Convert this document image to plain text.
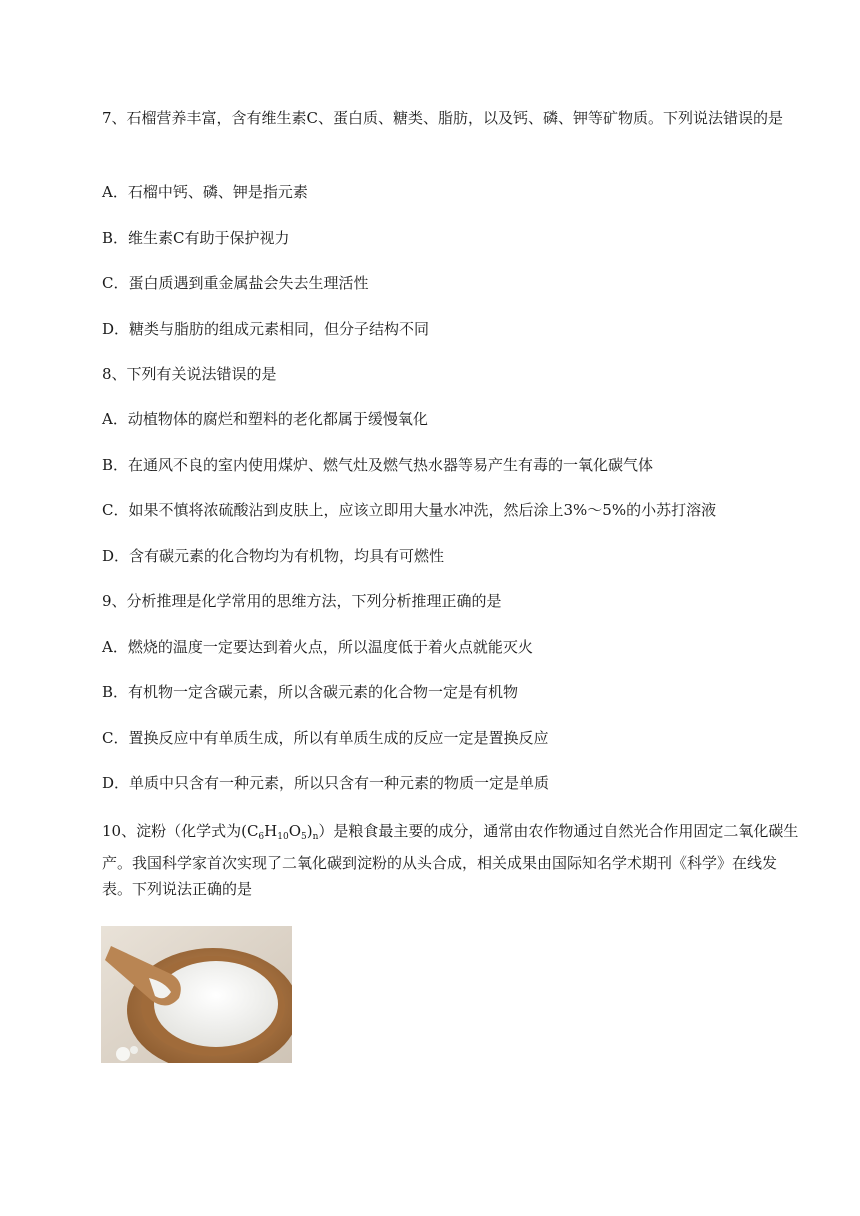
7、石榴营养丰富，含有维生素C、蛋白质、糖类、脂肪，以及钙、磷、钾等矿物质。下列说法错误的是
A．石榴中钙、磷、钾是指元素
B．维生素C有助于保护视力
C．蛋白质遇到重金属盐会失去生理活性
D．糖类与脂肪的组成元素相同，但分子结构不同
8、下列有关说法错误的是
A．动植物体的腐烂和塑料的老化都属于缓慢氧化
B．在通风不良的室内使用煤炉、燃气灶及燃气热水器等易产生有毒的一氧化碳气体
C．如果不慎将浓硫酸沾到皮肤上，应该立即用大量水冲洗，然后涂上3%～5%的小苏打溶液
D．含有碳元素的化合物均为有机物，均具有可燃性
9、分析推理是化学常用的思维方法，下列分析推理正确的是
A．燃烧的温度一定要达到着火点，所以温度低于着火点就能灭火
B．有机物一定含碳元素，所以含碳元素的化合物一定是有机物
C．置换反应中有单质生成，所以有单质生成的反应一定是置换反应
D．单质中只含有一种元素，所以只含有一种元素的物质一定是单质
10、淀粉（化学式为$(C_6H_{10}O_5)_n$）是粮食最主要的成分，通常由农作物通过自然光合作用固定二氧化碳生产。我国科学家首次实现了二氧化碳到淀粉的从头合成，相关成果由国际知名学术期刊《科学》在线发表。下列说法正确的是
